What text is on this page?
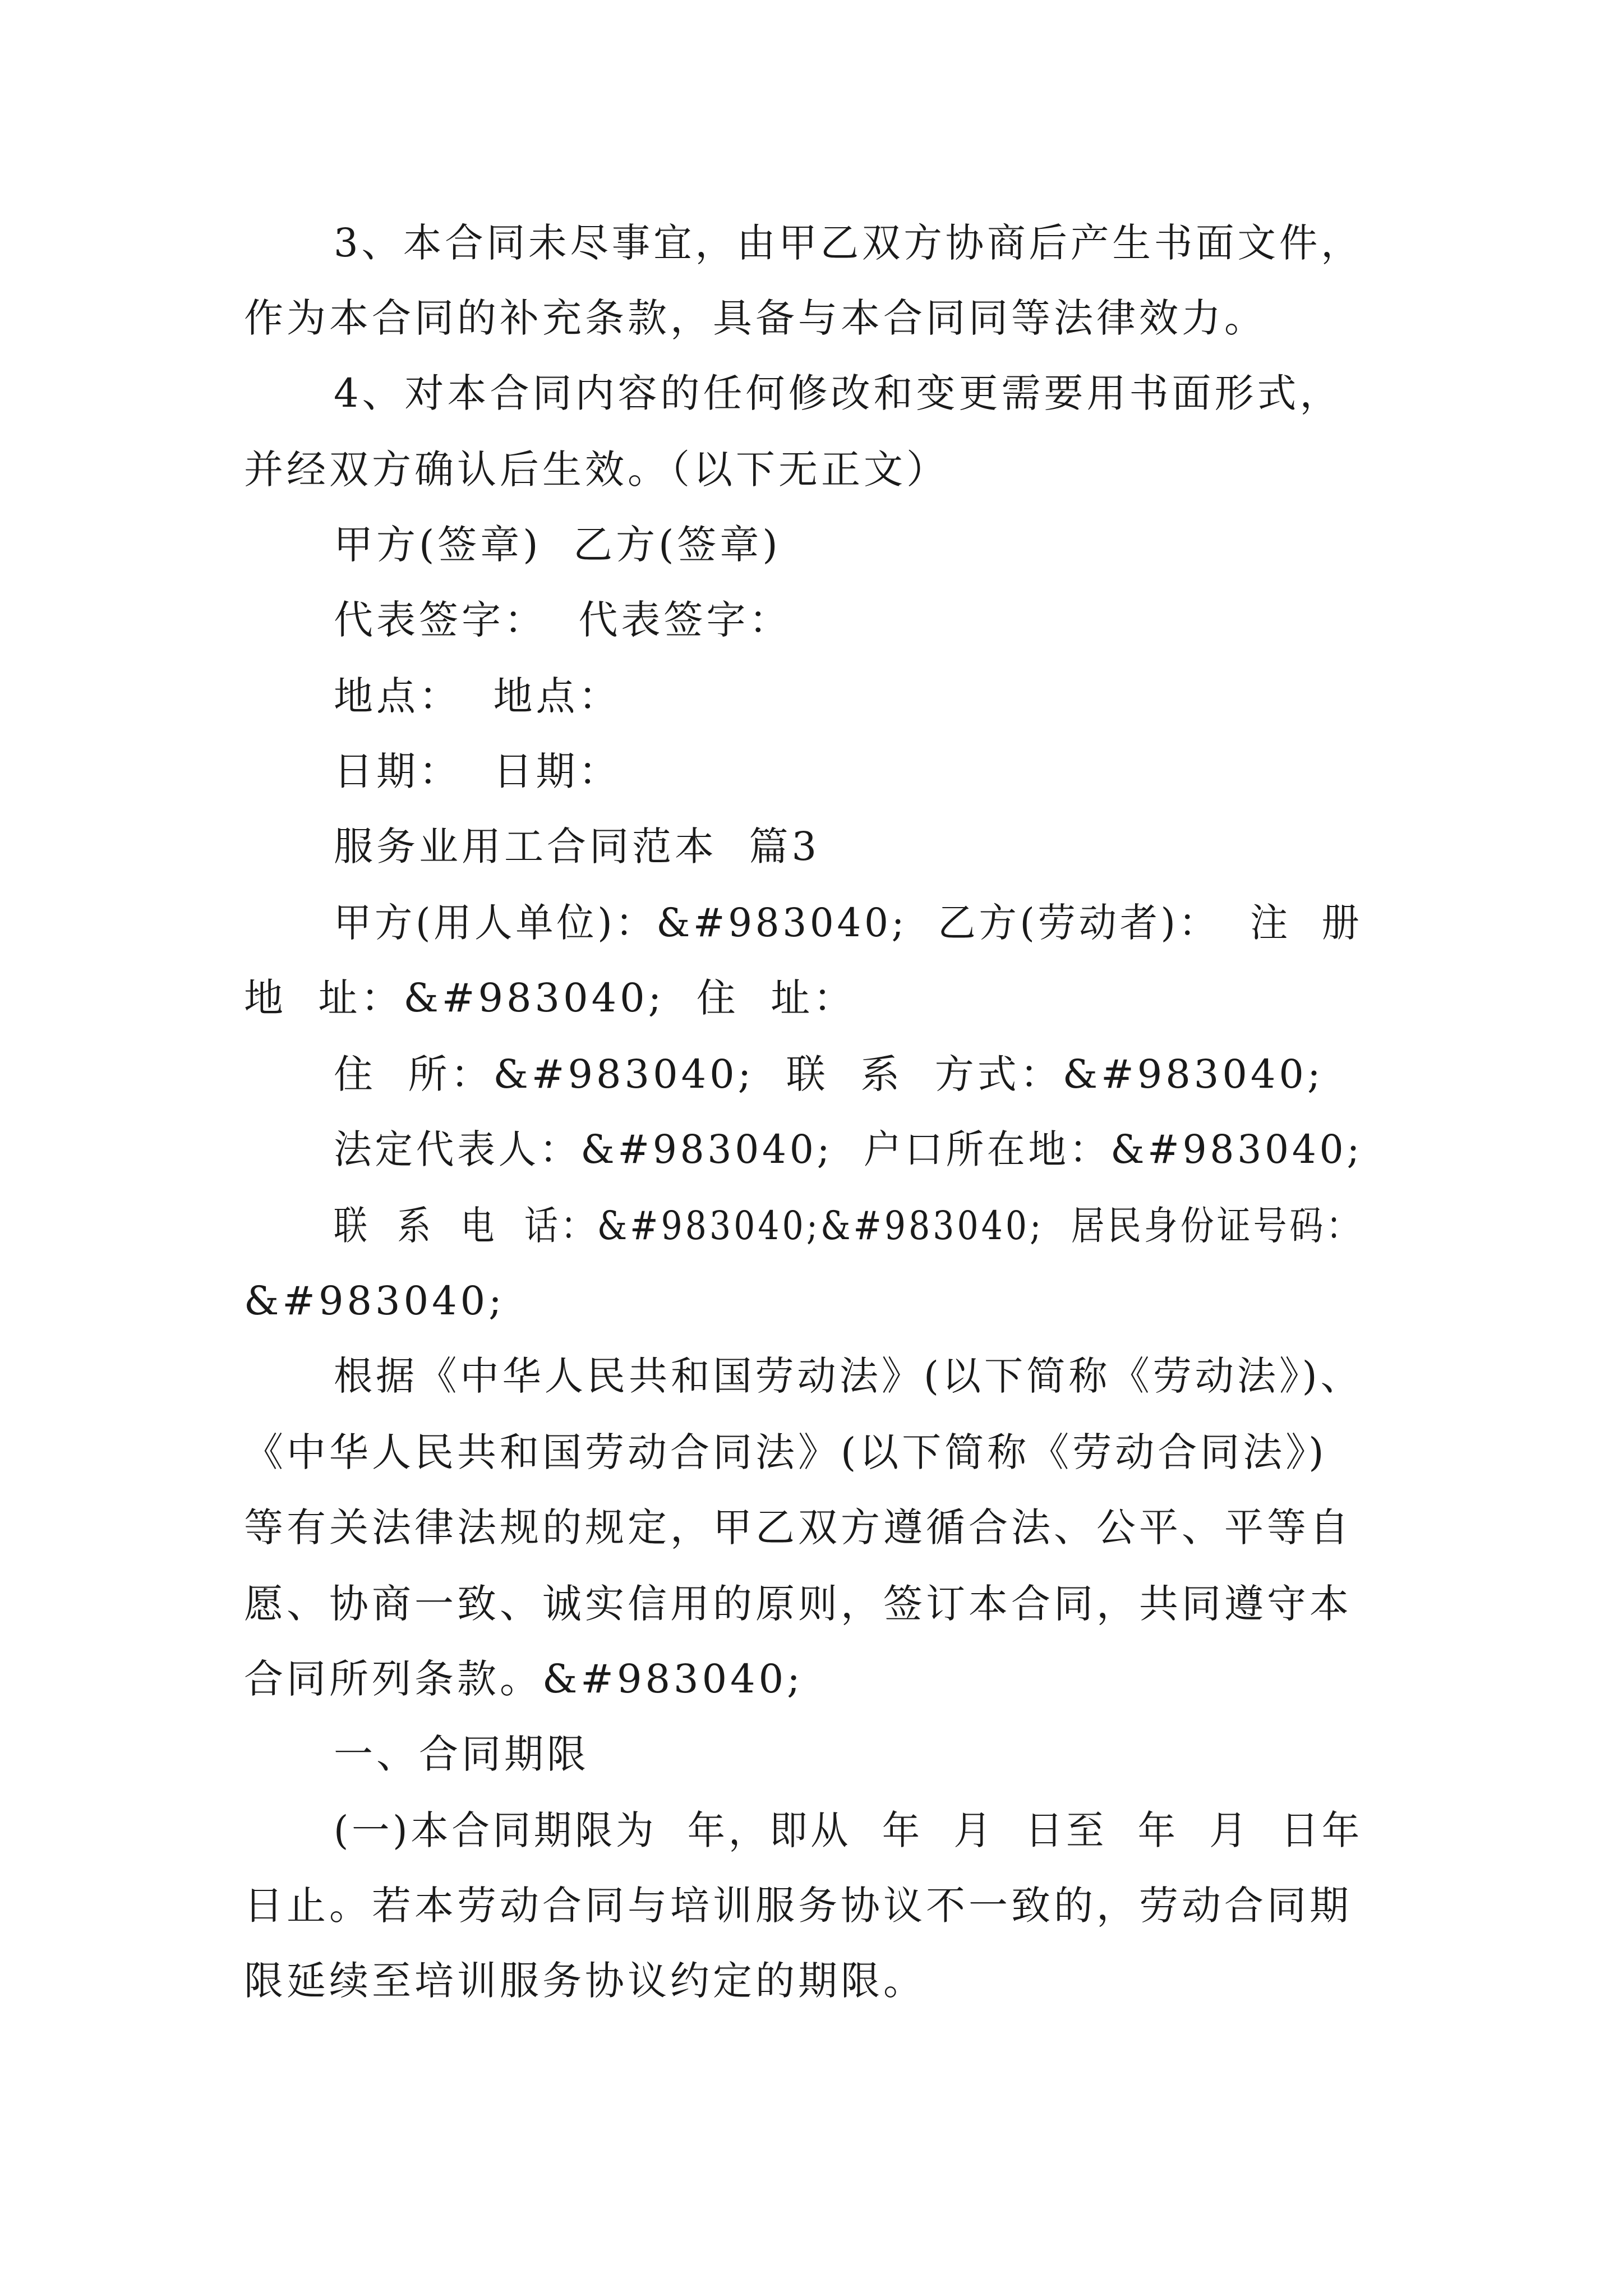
3、本合同未尽事宜，由甲乙双方协商后产生书面文件，
作为本合同的补充条款，具备与本合同同等法律效力。
4、对本合同内容的任何修改和变更需要用书面形式，
并经双方确认后生效。（以下无正文）
甲方(签章)  乙方(签章)
代表签字：  代表签字：
地点：  地点：
日期：  日期：
服务业用工合同范本  篇3
甲方(用人单位)：&#983040;  乙方(劳动者)：  注  册
地  址：&#983040;  住  址：
住  所：&#983040;  联  系  方式：&#983040;
法定代表人：&#983040;  户口所在地：&#983040;
联  系  电  话：&#983040;&#983040;  居民身份证号码：
&#983040;
根据《中华人民共和国劳动法》(以下简称《劳动法》)、
《中华人民共和国劳动合同法》(以下简称《劳动合同法》)
等有关法律法规的规定，甲乙双方遵循合法、公平、平等自
愿、协商一致、诚实信用的原则，签订本合同，共同遵守本
合同所列条款。&#983040;
一、合同期限
(一)本合同期限为  年，即从  年  月  日至  年  月  日年
日止。若本劳动合同与培训服务协议不一致的，劳动合同期
限延续至培训服务协议约定的期限。
